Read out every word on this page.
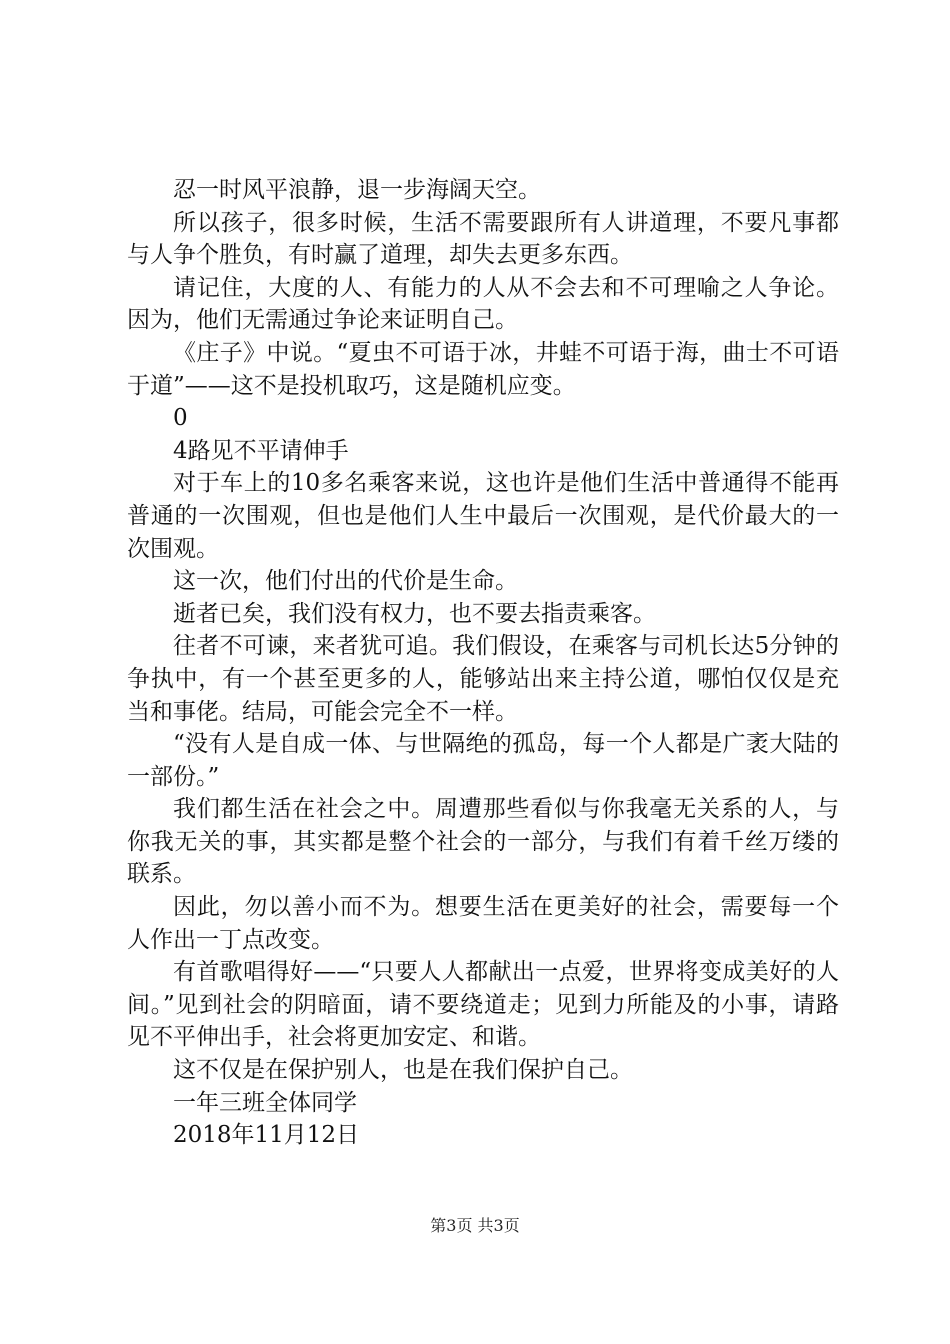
忍一时风平浪静，退一步海阔天空。

所以孩子，很多时候，生活不需要跟所有人讲道理，不要凡事都与人争个胜负，有时赢了道理，却失去更多东西。

请记住，大度的人、有能力的人从不会去和不可理喻之人争论。因为，他们无需通过争论来证明自己。

《庄子》中说。“夏虫不可语于冰，井蛙不可语于海，曲士不可语于道”——这不是投机取巧，这是随机应变。

0

4路见不平请伸手

对于车上的10多名乘客来说，这也许是他们生活中普通得不能再普通的一次围观，但也是他们人生中最后一次围观，是代价最大的一次围观。

这一次，他们付出的代价是生命。

逝者已矣，我们没有权力，也不要去指责乘客。

往者不可谏，来者犹可追。我们假设，在乘客与司机长达5分钟的争执中，有一个甚至更多的人，能够站出来主持公道，哪怕仅仅是充当和事佬。结局，可能会完全不一样。

“没有人是自成一体、与世隔绝的孤岛，每一个人都是广袤大陆的一部份。”

我们都生活在社会之中。周遭那些看似与你我毫无关系的人，与你我无关的事，其实都是整个社会的一部分，与我们有着千丝万缕的联系。

因此，勿以善小而不为。想要生活在更美好的社会，需要每一个人作出一丁点改变。

有首歌唱得好——“只要人人都献出一点爱，世界将变成美好的人间。”见到社会的阴暗面，请不要绕道走；见到力所能及的小事，请路见不平伸出手，社会将更加安定、和谐。

这不仅是在保护别人，也是在我们保护自己。

一年三班全体同学

2018年11月12日

第3页 共3页
